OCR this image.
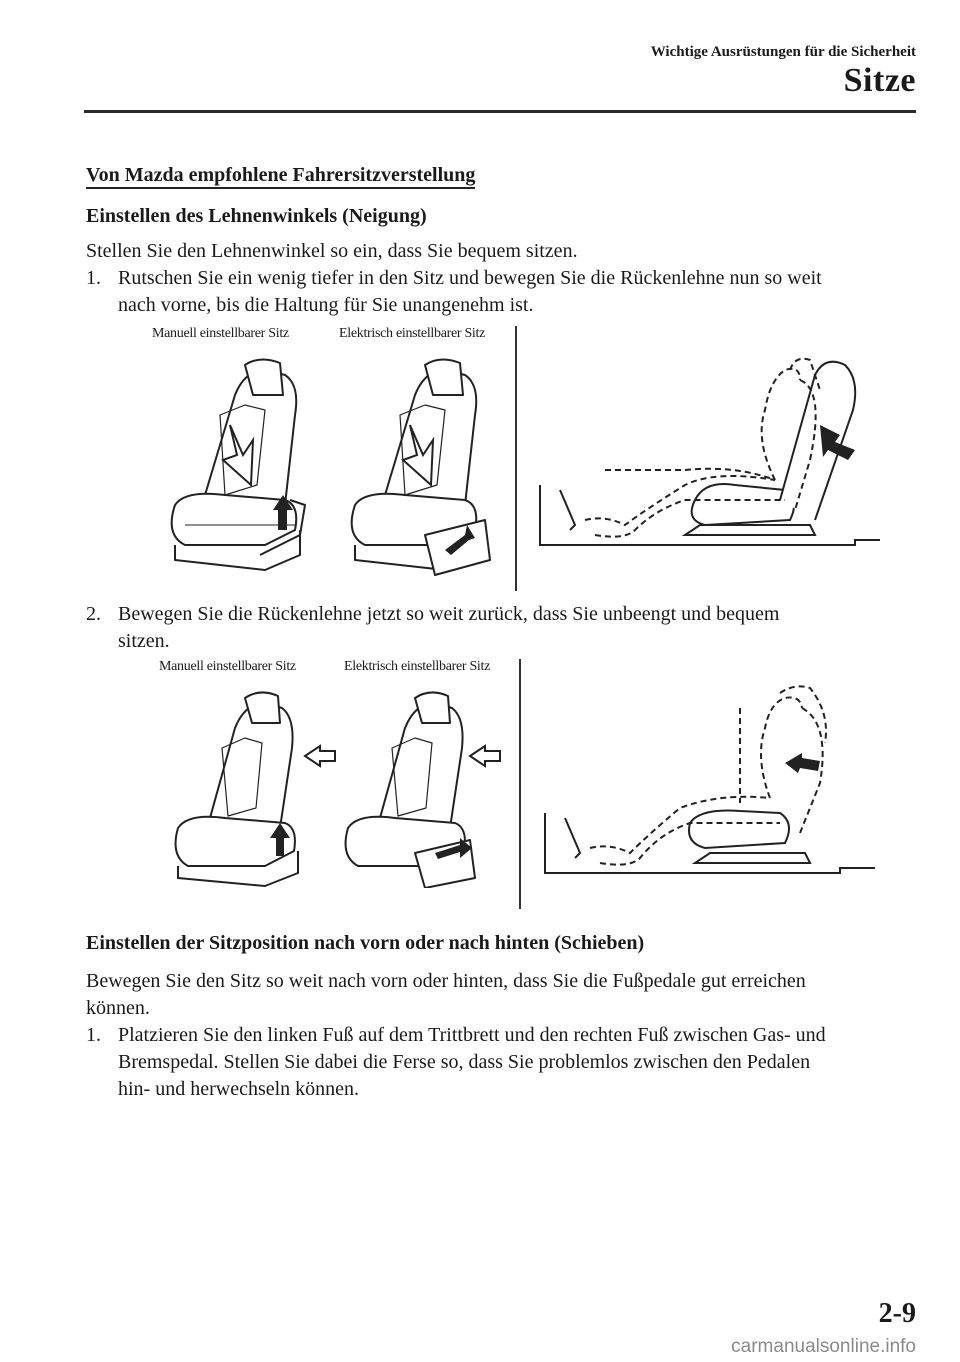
Wichtige Ausrüstungen für die Sicherheit
Sitze
Von Mazda empfohlene Fahrersitzverstellung
Einstellen des Lehnenwinkels (Neigung)
Stellen Sie den Lehnenwinkel so ein, dass Sie bequem sitzen.
1. Rutschen Sie ein wenig tiefer in den Sitz und bewegen Sie die Rückenlehne nun so weit
nach vorne, bis die Haltung für Sie unangenehm ist.
Manuell einstellbarer Sitz	Elektrisch einstellbarer Sitz
2. Bewegen Sie die Rückenlehne jetzt so weit zurück, dass Sie unbeengt und bequem
sitzen.
Manuell einstellbarer Sitz	Elektrisch einstellbarer Sitz
Einstellen der Sitzposition nach vorn oder nach hinten (Schieben)
Bewegen Sie den Sitz so weit nach vorn oder hinten, dass Sie die Fußpedale gut erreichen
können.
1. Platzieren Sie den linken Fuß auf dem Trittbrett und den rechten Fuß zwischen Gas- und
Bremspedal. Stellen Sie dabei die Ferse so, dass Sie problemlos zwischen den Pedalen
hin- und herwechseln können.
2-9
carmanualsonline.info
